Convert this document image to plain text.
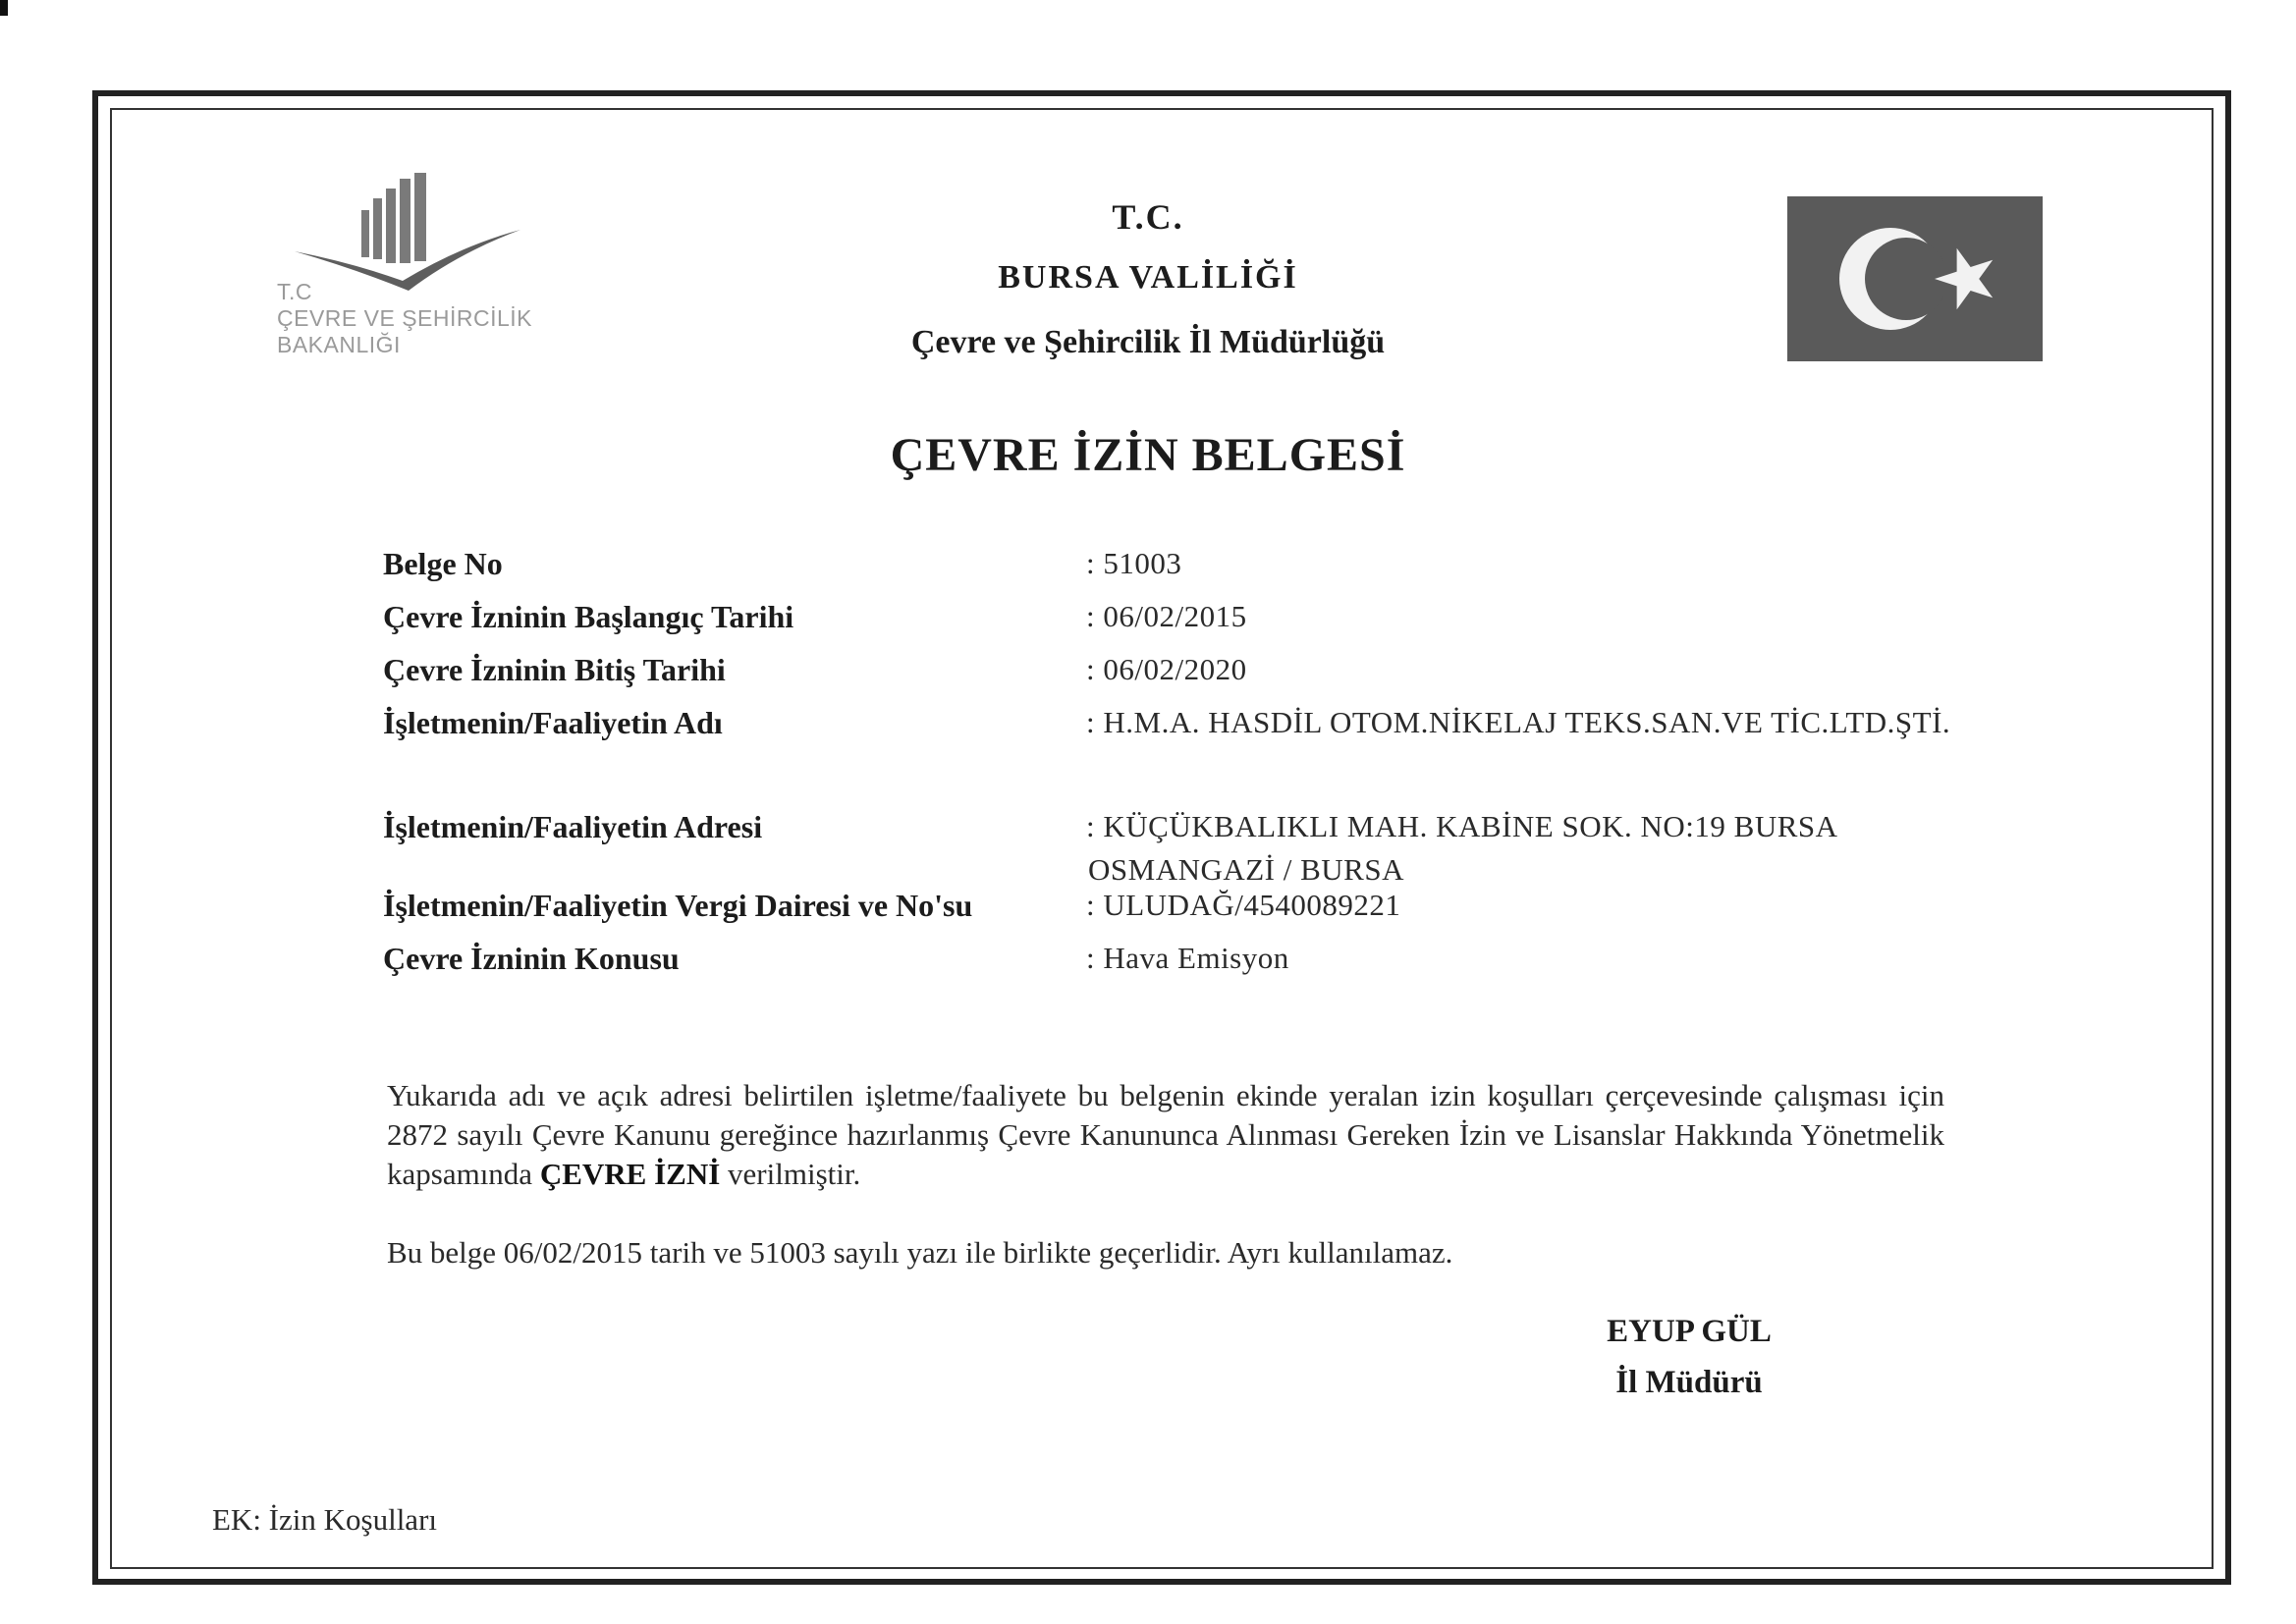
T.C
ÇEVRE VE ŞEHİRCİLİK
BAKANLIĞI
T.C.
BURSA VALİLİĞİ
Çevre ve Şehircilik İl Müdürlüğü
ÇEVRE İZİN BELGESİ
Belge No	: 51003
Çevre İzninin Başlangıç Tarihi	: 06/02/2015
Çevre İzninin Bitiş Tarihi	: 06/02/2020
İşletmenin/Faaliyetin Adı	: H.M.A. HASDİL OTOM.NİKELAJ TEKS.SAN.VE TİC.LTD.ŞTİ.
İşletmenin/Faaliyetin Adresi	: KÜÇÜKBALIKLI MAH. KABİNE SOK. NO:19 BURSA
OSMANGAZİ / BURSA
İşletmenin/Faaliyetin Vergi Dairesi ve No'su	: ULUDAĞ/4540089221
Çevre İzninin Konusu	: Hava Emisyon
Yukarıda adı ve açık adresi belirtilen işletme/faaliyete bu belgenin ekinde yeralan izin koşulları çerçevesinde çalışması için 2872 sayılı Çevre Kanunu gereğince hazırlanmış Çevre Kanununca Alınması Gereken İzin ve Lisanslar Hakkında Yönetmelik kapsamında ÇEVRE İZNİ verilmiştir.
Bu belge 06/02/2015 tarih ve 51003 sayılı yazı ile birlikte geçerlidir. Ayrı kullanılamaz.
EYUP GÜL
İl Müdürü
EK: İzin Koşulları
